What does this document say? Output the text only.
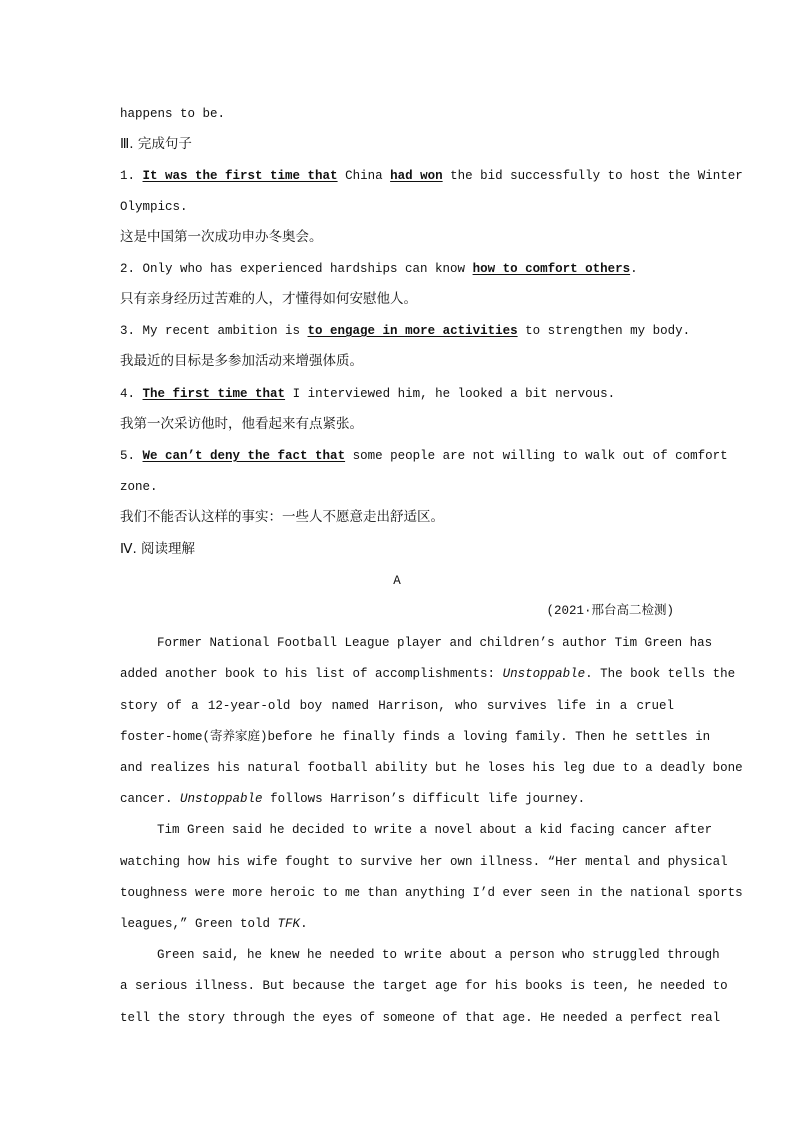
happens to be.
Ⅲ. 完成句子
1. It was the first time that China had won the bid successfully to host the Winter
Olympics.
这是中国第一次成功申办冬奥会。
2. Only who has experienced hardships can know how to comfort others.
只有亲身经历过苦难的人，才懂得如何安慰他人。
3. My recent ambition is to engage in more activities to strengthen my body.
我最近的目标是多参加活动来增强体质。
4. The first time that I interviewed him, he looked a bit nervous.
我第一次采访他时，他看起来有点紧张。
5. We can’t deny the fact that some people are not willing to walk out of comfort
zone.
我们不能否认这样的事实：一些人不愿意走出舒适区。
Ⅳ. 阅读理解
A
(2021·邢台高二检测)
Former National Football League player and children’s author Tim Green has
added another book to his list of accomplishments: Unstoppable. The book tells the
story of a 12-year-old boy named Harrison, who survives life in a cruel
foster-home(寄养家庭)before he finally finds a loving family. Then he settles in
and realizes his natural football ability but he loses his leg due to a deadly bone
cancer. Unstoppable follows Harrison’s difficult life journey.
Tim Green said he decided to write a novel about a kid facing cancer after
watching how his wife fought to survive her own illness. “Her mental and physical
toughness were more heroic to me than anything I’d ever seen in the national sports
leagues,” Green told TFK.
Green said, he knew he needed to write about a person who struggled through
a serious illness. But because the target age for his books is teen, he needed to
tell the story through the eyes of someone of that age. He needed a perfect real
